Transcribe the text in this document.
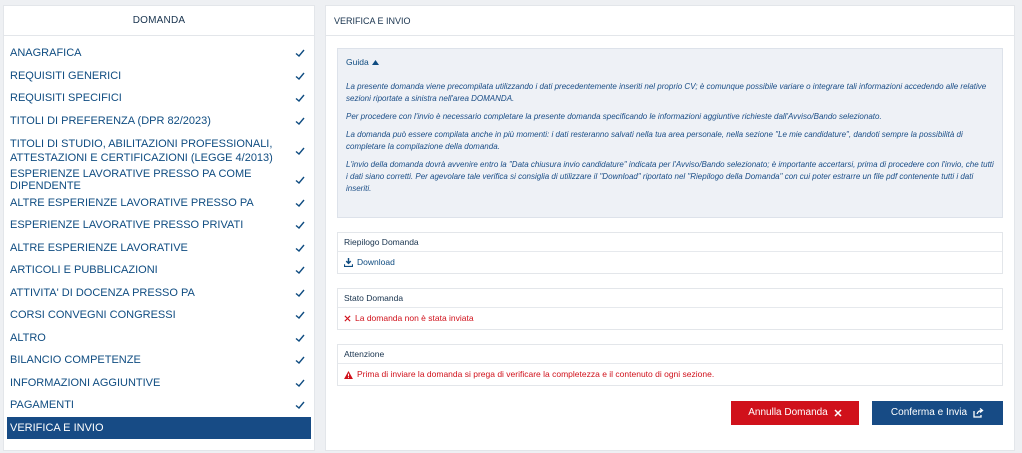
DOMANDA
ANAGRAFICA
REQUISITI GENERICI
REQUISITI SPECIFICI
TITOLI DI PREFERENZA (DPR 82/2023)
TITOLI DI STUDIO, ABILITAZIONI PROFESSIONALI, ATTESTAZIONI E CERTIFICAZIONI (LEGGE 4/2013)
ESPERIENZE LAVORATIVE PRESSO PA COME DIPENDENTE
ALTRE ESPERIENZE LAVORATIVE PRESSO PA
ESPERIENZE LAVORATIVE PRESSO PRIVATI
ALTRE ESPERIENZE LAVORATIVE
ARTICOLI E PUBBLICAZIONI
ATTIVITA' DI DOCENZA PRESSO PA
CORSI CONVEGNI CONGRESSI
ALTRO
BILANCIO COMPETENZE
INFORMAZIONI AGGIUNTIVE
PAGAMENTI
VERIFICA E INVIO
VERIFICA E INVIO
Guida

La presente domanda viene precompilata utilizzando i dati precedentemente inseriti nel proprio CV; è comunque possibile variare o integrare tali informazioni accedendo alle relative sezioni riportate a sinistra nell'area DOMANDA.

Per procedere con l'invio è necessario completare la presente domanda specificando le informazioni aggiuntive richieste dall'Avviso/Bando selezionato.

La domanda può essere compilata anche in più momenti: i dati resteranno salvati nella tua area personale, nella sezione "Le mie candidature", dandoti sempre la possibilità di completare la compilazione della domanda.

L'invio della domanda dovrà avvenire entro la "Data chiusura invio candidature" indicata per l'Avviso/Bando selezionato; è importante accertarsi, prima di procedere con l'invio, che tutti i dati siano corretti. Per agevolare tale verifica si consiglia di utilizzare il "Download" riportato nel "Riepilogo della Domanda" con cui poter estrarre un file pdf contenente tutti i dati inseriti.

Riepilogo Domanda
Download
Stato Domanda
La domanda non è stata inviata
Attenzione
Prima di inviare la domanda si prega di verificare la completezza e il contenuto di ogni sezione.
Annulla Domanda	Conferma e Invia
